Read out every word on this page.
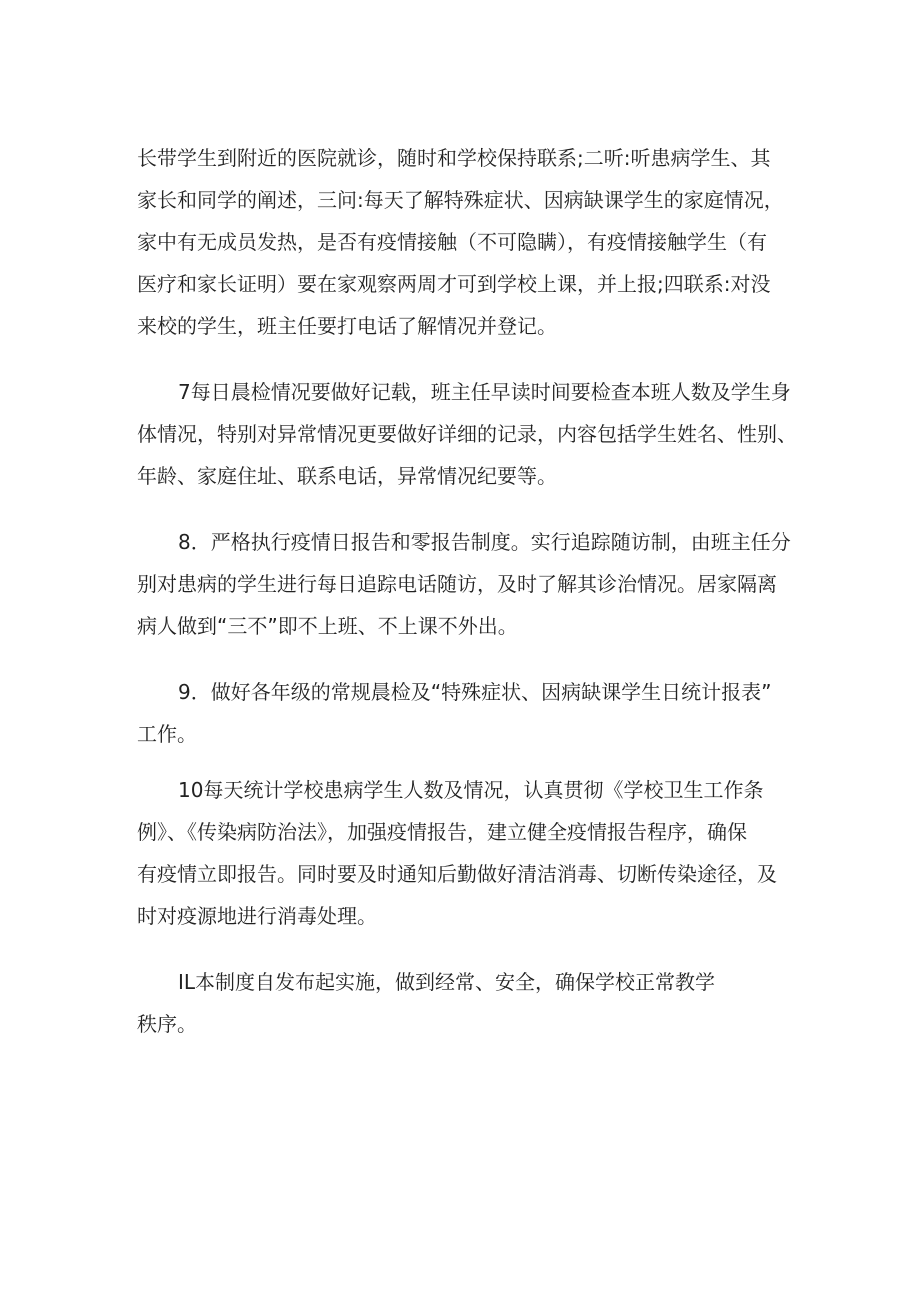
长带学生到附近的医院就诊，随时和学校保持联系;二听:听患病学生、其
家长和同学的阐述，三问:每天了解特殊症状、因病缺课学生的家庭情况，
家中有无成员发热，是否有疫情接触（不可隐瞒），有疫情接触学生（有
医疗和家长证明）要在家观察两周才可到学校上课，并上报;四联系:对没
来校的学生，班主任要打电话了解情况并登记。
7每日晨检情况要做好记载，班主任早读时间要检查本班人数及学生身
体情况，特别对异常情况更要做好详细的记录，内容包括学生姓名、性别、
年龄、家庭住址、联系电话，异常情况纪要等。
8．严格执行疫情日报告和零报告制度。实行追踪随访制，由班主任分
别对患病的学生进行每日追踪电话随访，及时了解其诊治情况。居家隔离
病人做到“三不”即不上班、不上课不外出。
9．做好各年级的常规晨检及“特殊症状、因病缺课学生日统计报表”
工作。
10每天统计学校患病学生人数及情况，认真贯彻《学校卫生工作条
例》、《传染病防治法》，加强疫情报告，建立健全疫情报告程序，确保
有疫情立即报告。同时要及时通知后勤做好清洁消毒、切断传染途径，及
时对疫源地进行消毒处理。
IL本制度自发布起实施，做到经常、安全，确保学校正常教学
秩序。
